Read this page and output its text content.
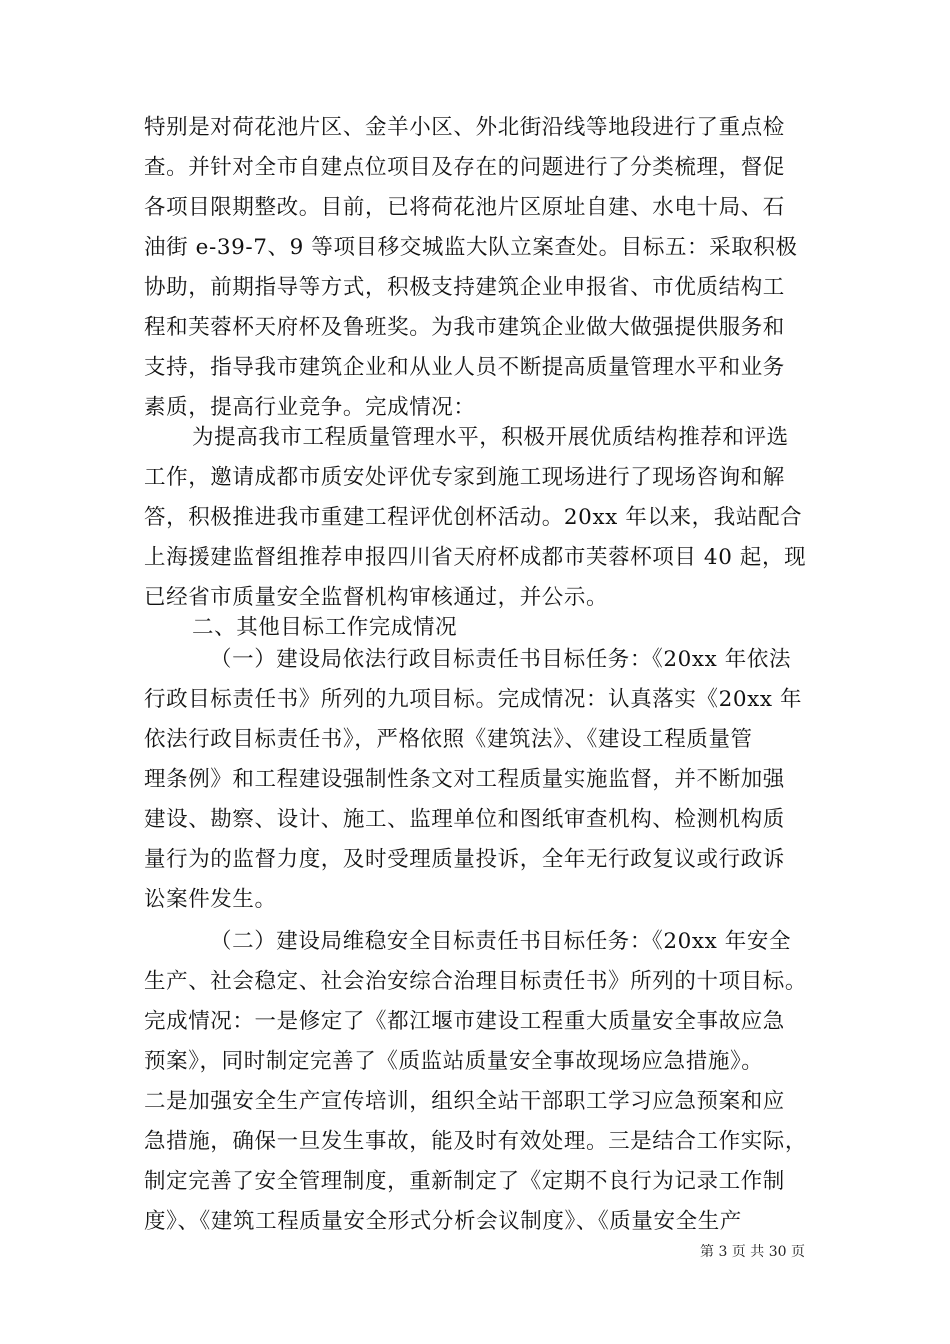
特别是对荷花池片区、金羊小区、外北街沿线等地段进行了重点检
查。并针对全市自建点位项目及存在的问题进行了分类梳理，督促
各项目限期整改。目前，已将荷花池片区原址自建、水电十局、石
油街 e-39-7、9 等项目移交城监大队立案查处。目标五：采取积极
协助，前期指导等方式，积极支持建筑企业申报省、市优质结构工
程和芙蓉杯天府杯及鲁班奖。为我市建筑企业做大做强提供服务和
支持，指导我市建筑企业和从业人员不断提高质量管理水平和业务
素质，提高行业竞争。完成情况：
为提高我市工程质量管理水平，积极开展优质结构推荐和评选
工作，邀请成都市质安处评优专家到施工现场进行了现场咨询和解
答，积极推进我市重建工程评优创杯活动。20xx 年以来，我站配合
上海援建监督组推荐申报四川省天府杯成都市芙蓉杯项目 40 起，现
已经省市质量安全监督机构审核通过，并公示。
二、其他目标工作完成情况
（一）建设局依法行政目标责任书目标任务：《20xx 年依法
行政目标责任书》所列的九项目标。完成情况：认真落实《20xx 年
依法行政目标责任书》，严格依照《建筑法》、《建设工程质量管
理条例》和工程建设强制性条文对工程质量实施监督，并不断加强
建设、勘察、设计、施工、监理单位和图纸审查机构、检测机构质
量行为的监督力度，及时受理质量投诉，全年无行政复议或行政诉
讼案件发生。
（二）建设局维稳安全目标责任书目标任务：《20xx 年安全
生产、社会稳定、社会治安综合治理目标责任书》所列的十项目标。
完成情况：一是修定了《都江堰市建设工程重大质量安全事故应急
预案》，同时制定完善了《质监站质量安全事故现场应急措施》。
二是加强安全生产宣传培训，组织全站干部职工学习应急预案和应
急措施，确保一旦发生事故，能及时有效处理。三是结合工作实际，
制定完善了安全管理制度，重新制定了《定期不良行为记录工作制
度》、《建筑工程质量安全形式分析会议制度》、《质量安全生产
第 3 页 共 30 页
